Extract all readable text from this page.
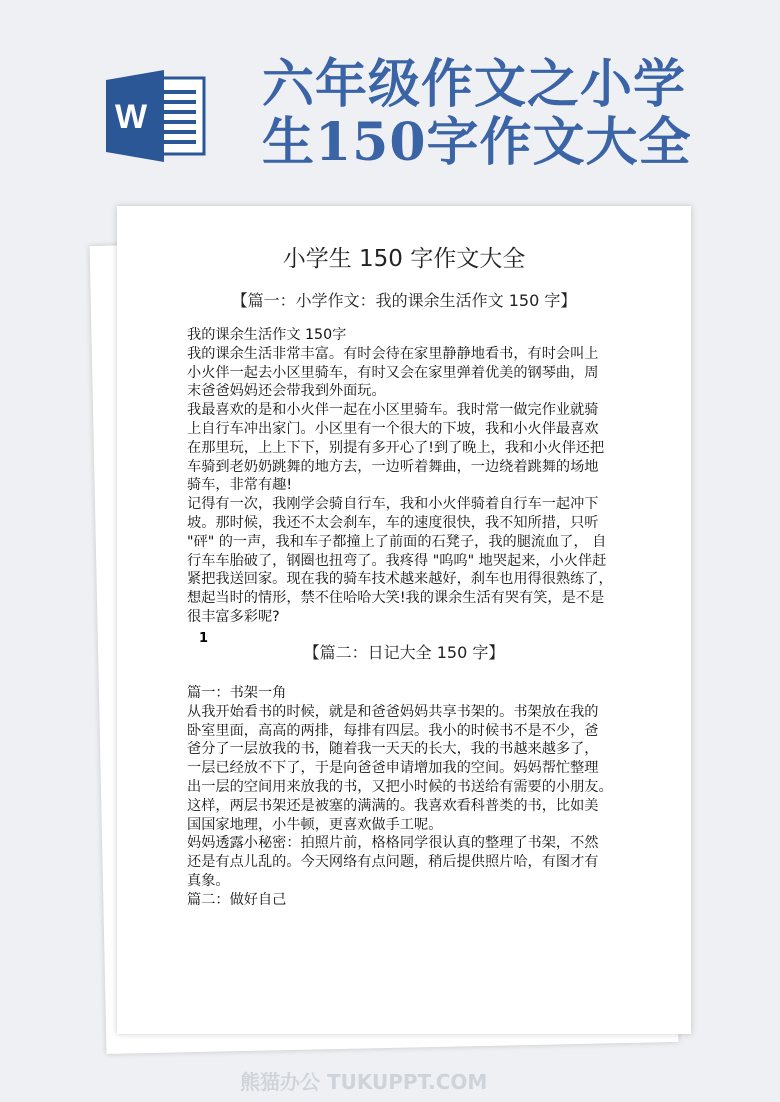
W
六年级作文之小学
生150字作文大全
小学生 150 字作文大全
【篇一：小学作文：我的课余生活作文 150 字】
我的课余生活作文 150字
我的课余生活非常丰富。有时会待在家里静静地看书，有时会叫上
小火伴一起去小区里骑车，有时又会在家里弹着优美的钢琴曲，周
末爸爸妈妈还会带我到外面玩。
我最喜欢的是和小火伴一起在小区里骑车。我时常一做完作业就骑
上自行车冲出家门。小区里有一个很大的下坡，我和小火伴最喜欢
在那里玩，上上下下，别提有多开心了!到了晚上，我和小火伴还把
车骑到老奶奶跳舞的地方去，一边听着舞曲，一边绕着跳舞的场地
骑车，非常有趣!
记得有一次，我刚学会骑自行车，我和小火伴骑着自行车一起冲下
坡。那时候，我还不太会刹车，车的速度很快，我不知所措，只听
"砰" 的一声，我和车子都撞上了前面的石凳子，我的腿流血了， 自
行车车胎破了，钢圈也扭弯了。我疼得 "呜呜" 地哭起来，小火伴赶
紧把我送回家。现在我的骑车技术越来越好，刹车也用得很熟练了，
想起当时的情形，禁不住哈哈大笑!我的课余生活有哭有笑，是不是
很丰富多彩呢?
1
【篇二：日记大全 150 字】
篇一：书架一角
从我开始看书的时候，就是和爸爸妈妈共享书架的。书架放在我的
卧室里面，高高的两排，每排有四层。我小的时候书不是不少，爸
爸分了一层放我的书，随着我一天天的长大，我的书越来越多了，
一层已经放不下了，于是向爸爸申请增加我的空间。妈妈帮忙整理
出一层的空间用来放我的书，又把小时候的书送给有需要的小朋友。
这样，两层书架还是被塞的满满的。我喜欢看科普类的书，比如美
国国家地理，小牛顿，更喜欢做手工呢。
妈妈透露小秘密：拍照片前，格格同学很认真的整理了书架，不然
还是有点儿乱的。今天网络有点问题，稍后提供照片哈，有图才有
真象。
篇二：做好自己
熊猫办公 TUKUPPT.COM
